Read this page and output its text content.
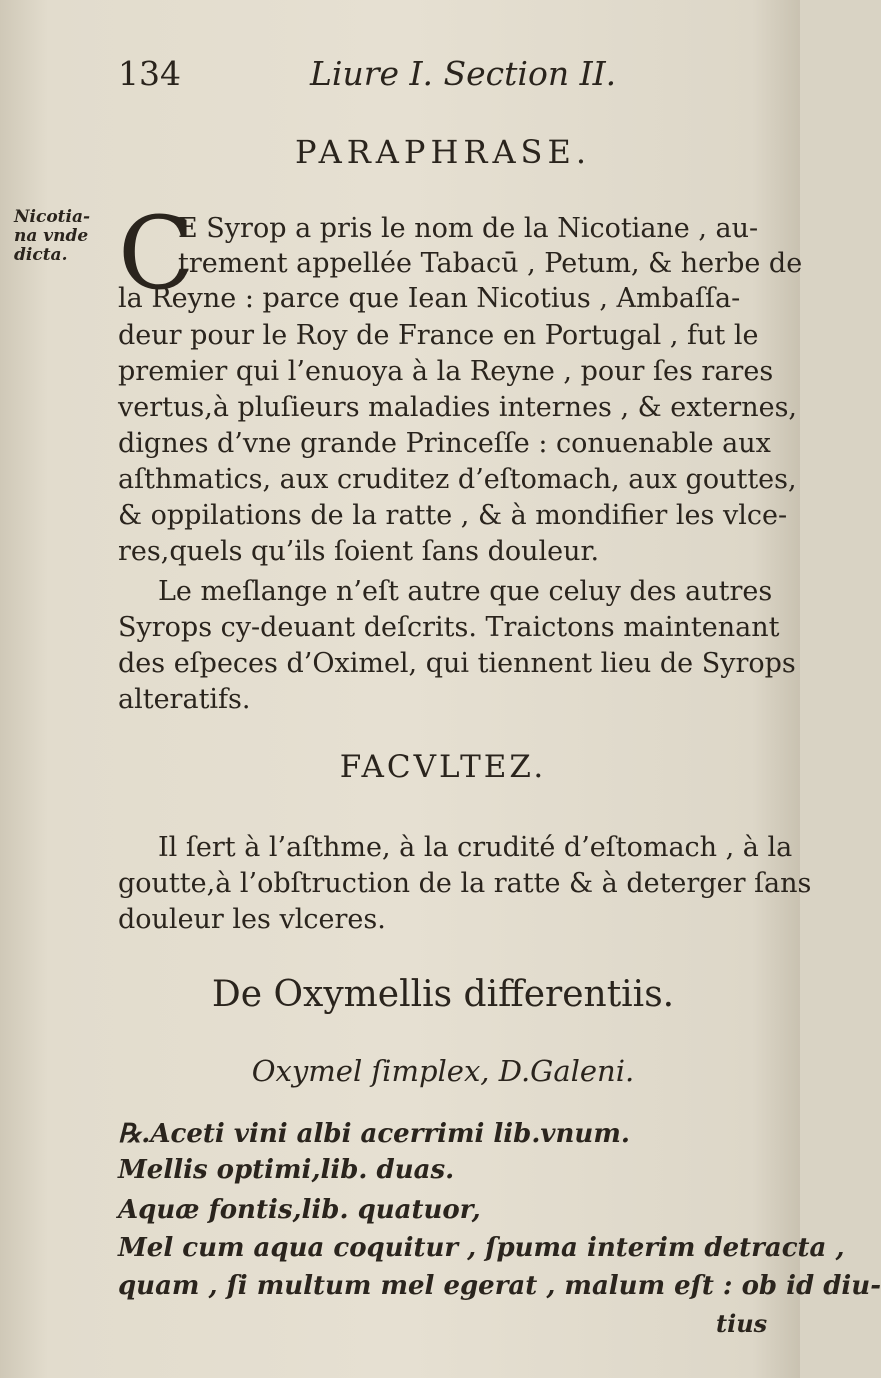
134	Liure I. Section II.
PARAPHRASE.
Nicotia-
na vnde
dicta. C
E Syrop a pris le nom de la Nicotiane , au-
trement appellée Tabacū , Petum, & herbe de
la Reyne : parce que Iean Nicotius , Ambaſſa-
deur pour le Roy de France en Portugal , fut le
premier qui l’enuoya à la Reyne , pour ſes rares
vertus,à pluſieurs maladies internes , & externes,
dignes d’vne grande Princeſſe : conuenable aux
aſthmatics, aux cruditez d’eſtomach, aux gouttes,
& oppilations de la ratte , & à mondifier les vlce-
res,quels qu’ils ſoient ſans douleur.
Le meſlange n’eſt autre que celuy des autres
Syrops cy-deuant deſcrits. Traictons maintenant
des eſpeces d’Oximel, qui tiennent lieu de Syrops
alteratifs.
FACVLTEZ.
Il ſert à l’aſthme, à la crudité d’eſtomach , à la
goutte,à l’obſtruction de la ratte & à deterger ſans
douleur les vlceres.
De Oxymellis differentiis.
Oxymel ſimplex, D.Galeni.
℞.Aceti vini albi acerrimi lib.vnum.
Mellis optimi,lib. duas.
Aquæ fontis,lib. quatuor,
Mel cum aqua coquitur , ſpuma interim detracta ,
quam , ſi multum mel egerat , malum eſt : ob id diu-
tius
